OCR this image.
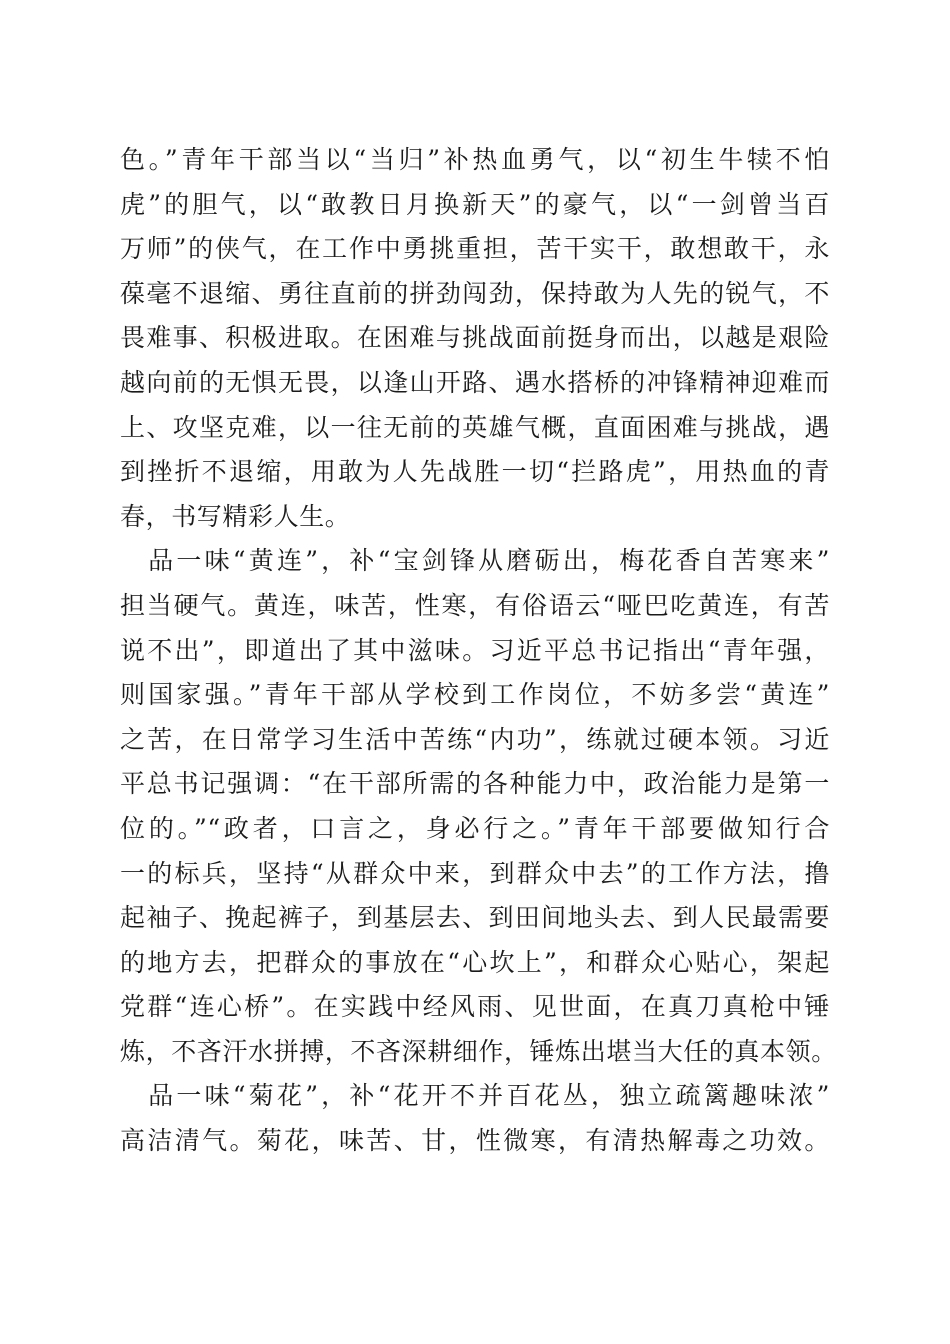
色。”青年干部当以“当归”补热血勇气，以“初生牛犊不怕
虎”的胆气，以“敢教日月换新天”的豪气，以“一剑曾当百
万师”的侠气，在工作中勇挑重担，苦干实干，敢想敢干，永
葆毫不退缩、勇往直前的拼劲闯劲，保持敢为人先的锐气，不
畏难事、积极进取。在困难与挑战面前挺身而出，以越是艰险
越向前的无惧无畏，以逢山开路、遇水搭桥的冲锋精神迎难而
上、攻坚克难，以一往无前的英雄气概，直面困难与挑战，遇
到挫折不退缩，用敢为人先战胜一切“拦路虎”，用热血的青
春，书写精彩人生。
　品一味“黄连”，补“宝剑锋从磨砺出，梅花香自苦寒来”
担当硬气。黄连，味苦，性寒，有俗语云“哑巴吃黄连，有苦
说不出”，即道出了其中滋味。习近平总书记指出“青年强，
则国家强。”青年干部从学校到工作岗位，不妨多尝“黄连”
之苦，在日常学习生活中苦练“内功”，练就过硬本领。习近
平总书记强调：“在干部所需的各种能力中，政治能力是第一
位的。”“政者，口言之，身必行之。”青年干部要做知行合
一的标兵，坚持“从群众中来，到群众中去”的工作方法，撸
起袖子、挽起裤子，到基层去、到田间地头去、到人民最需要
的地方去，把群众的事放在“心坎上”，和群众心贴心，架起
党群“连心桥”。在实践中经风雨、见世面，在真刀真枪中锤
炼，不吝汗水拼搏，不吝深耕细作，锤炼出堪当大任的真本领。
　品一味“菊花”，补“花开不并百花丛，独立疏篱趣味浓”
高洁清气。菊花，味苦、甘，性微寒，有清热解毒之功效。
